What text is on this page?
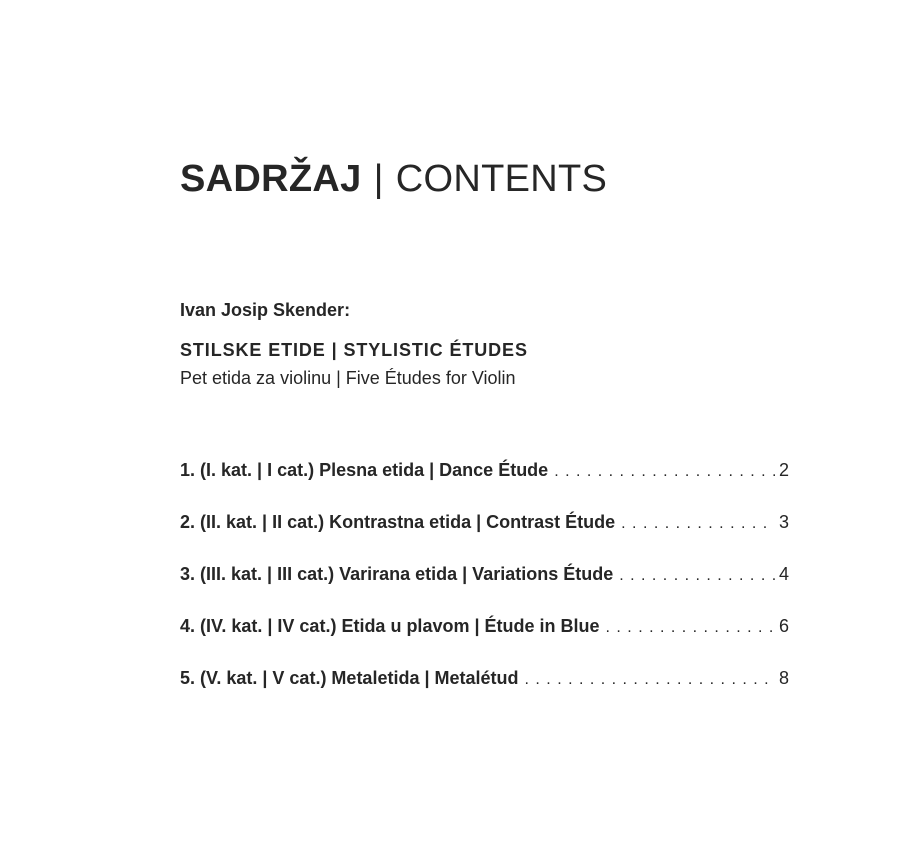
SADRŽAJ | CONTENTS
Ivan Josip Skender:
STILSKE ETIDE | STYLISTIC ÉTUDES
Pet etida za violinu | Five Études for Violin
1. (I. kat. | I cat.) Plesna etida | Dance Étude . . .	2
2. (II. kat. | II cat.) Kontrastna etida | Contrast Étude . . .	3
3. (III. kat. | III cat.) Varirana etida | Variations Étude . . .	4
4. (IV. kat. | IV cat.) Etida u plavom | Étude in Blue . . .	6
5. (V. kat. | V cat.) Metaletida | Metalétud . . .	8
